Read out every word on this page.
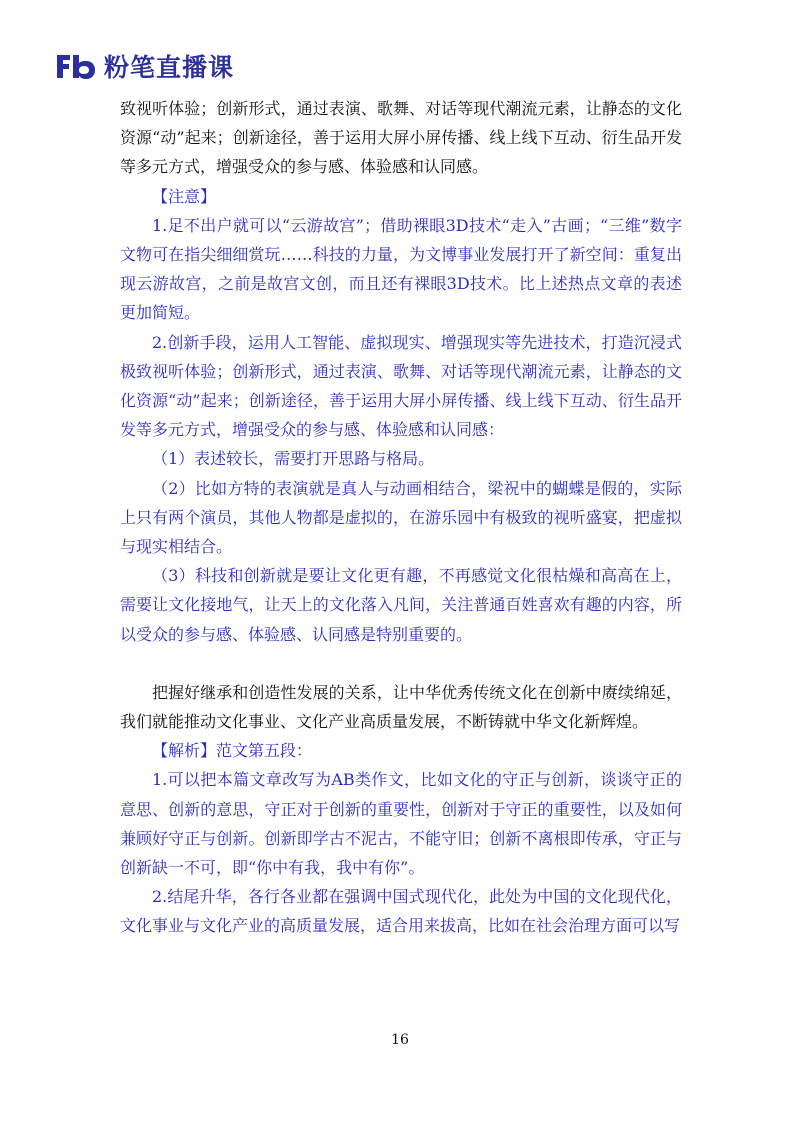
粉笔直播课

致视听体验；创新形式，通过表演、歌舞、对话等现代潮流元素，让静态的文化资源“动”起来；创新途径，善于运用大屏小屏传播、线上线下互动、衍生品开发等多元方式，增强受众的参与感、体验感和认同感。

【注意】

1.足不出户就可以“云游故宫”；借助裸眼3D技术“走入”古画；“三维”数字文物可在指尖细细赏玩……科技的力量，为文博事业发展打开了新空间：重复出现云游故宫，之前是故宫文创，而且还有裸眼3D技术。比上述热点文章的表述更加简短。

2.创新手段，运用人工智能、虚拟现实、增强现实等先进技术，打造沉浸式极致视听体验；创新形式，通过表演、歌舞、对话等现代潮流元素，让静态的文化资源“动”起来；创新途径，善于运用大屏小屏传播、线上线下互动、衍生品开发等多元方式，增强受众的参与感、体验感和认同感：

（1）表述较长，需要打开思路与格局。

（2）比如方特的表演就是真人与动画相结合，梁祝中的蝴蝶是假的，实际上只有两个演员，其他人物都是虚拟的，在游乐园中有极致的视听盛宴，把虚拟与现实相结合。

（3）科技和创新就是要让文化更有趣，不再感觉文化很枯燥和高高在上，需要让文化接地气，让天上的文化落入凡间，关注普通百姓喜欢有趣的内容，所以受众的参与感、体验感、认同感是特别重要的。

把握好继承和创造性发展的关系，让中华优秀传统文化在创新中赓续绵延，我们就能推动文化事业、文化产业高质量发展，不断铸就中华文化新辉煌。

【解析】范文第五段：

1.可以把本篇文章改写为AB类作文，比如文化的守正与创新，谈谈守正的意思、创新的意思，守正对于创新的重要性，创新对于守正的重要性，以及如何兼顾好守正与创新。创新即学古不泥古，不能守旧；创新不离根即传承，守正与创新缺一不可，即“你中有我，我中有你”。

2.结尾升华，各行各业都在强调中国式现代化，此处为中国的文化现代化，文化事业与文化产业的高质量发展，适合用来拔高，比如在社会治理方面可以写

16
